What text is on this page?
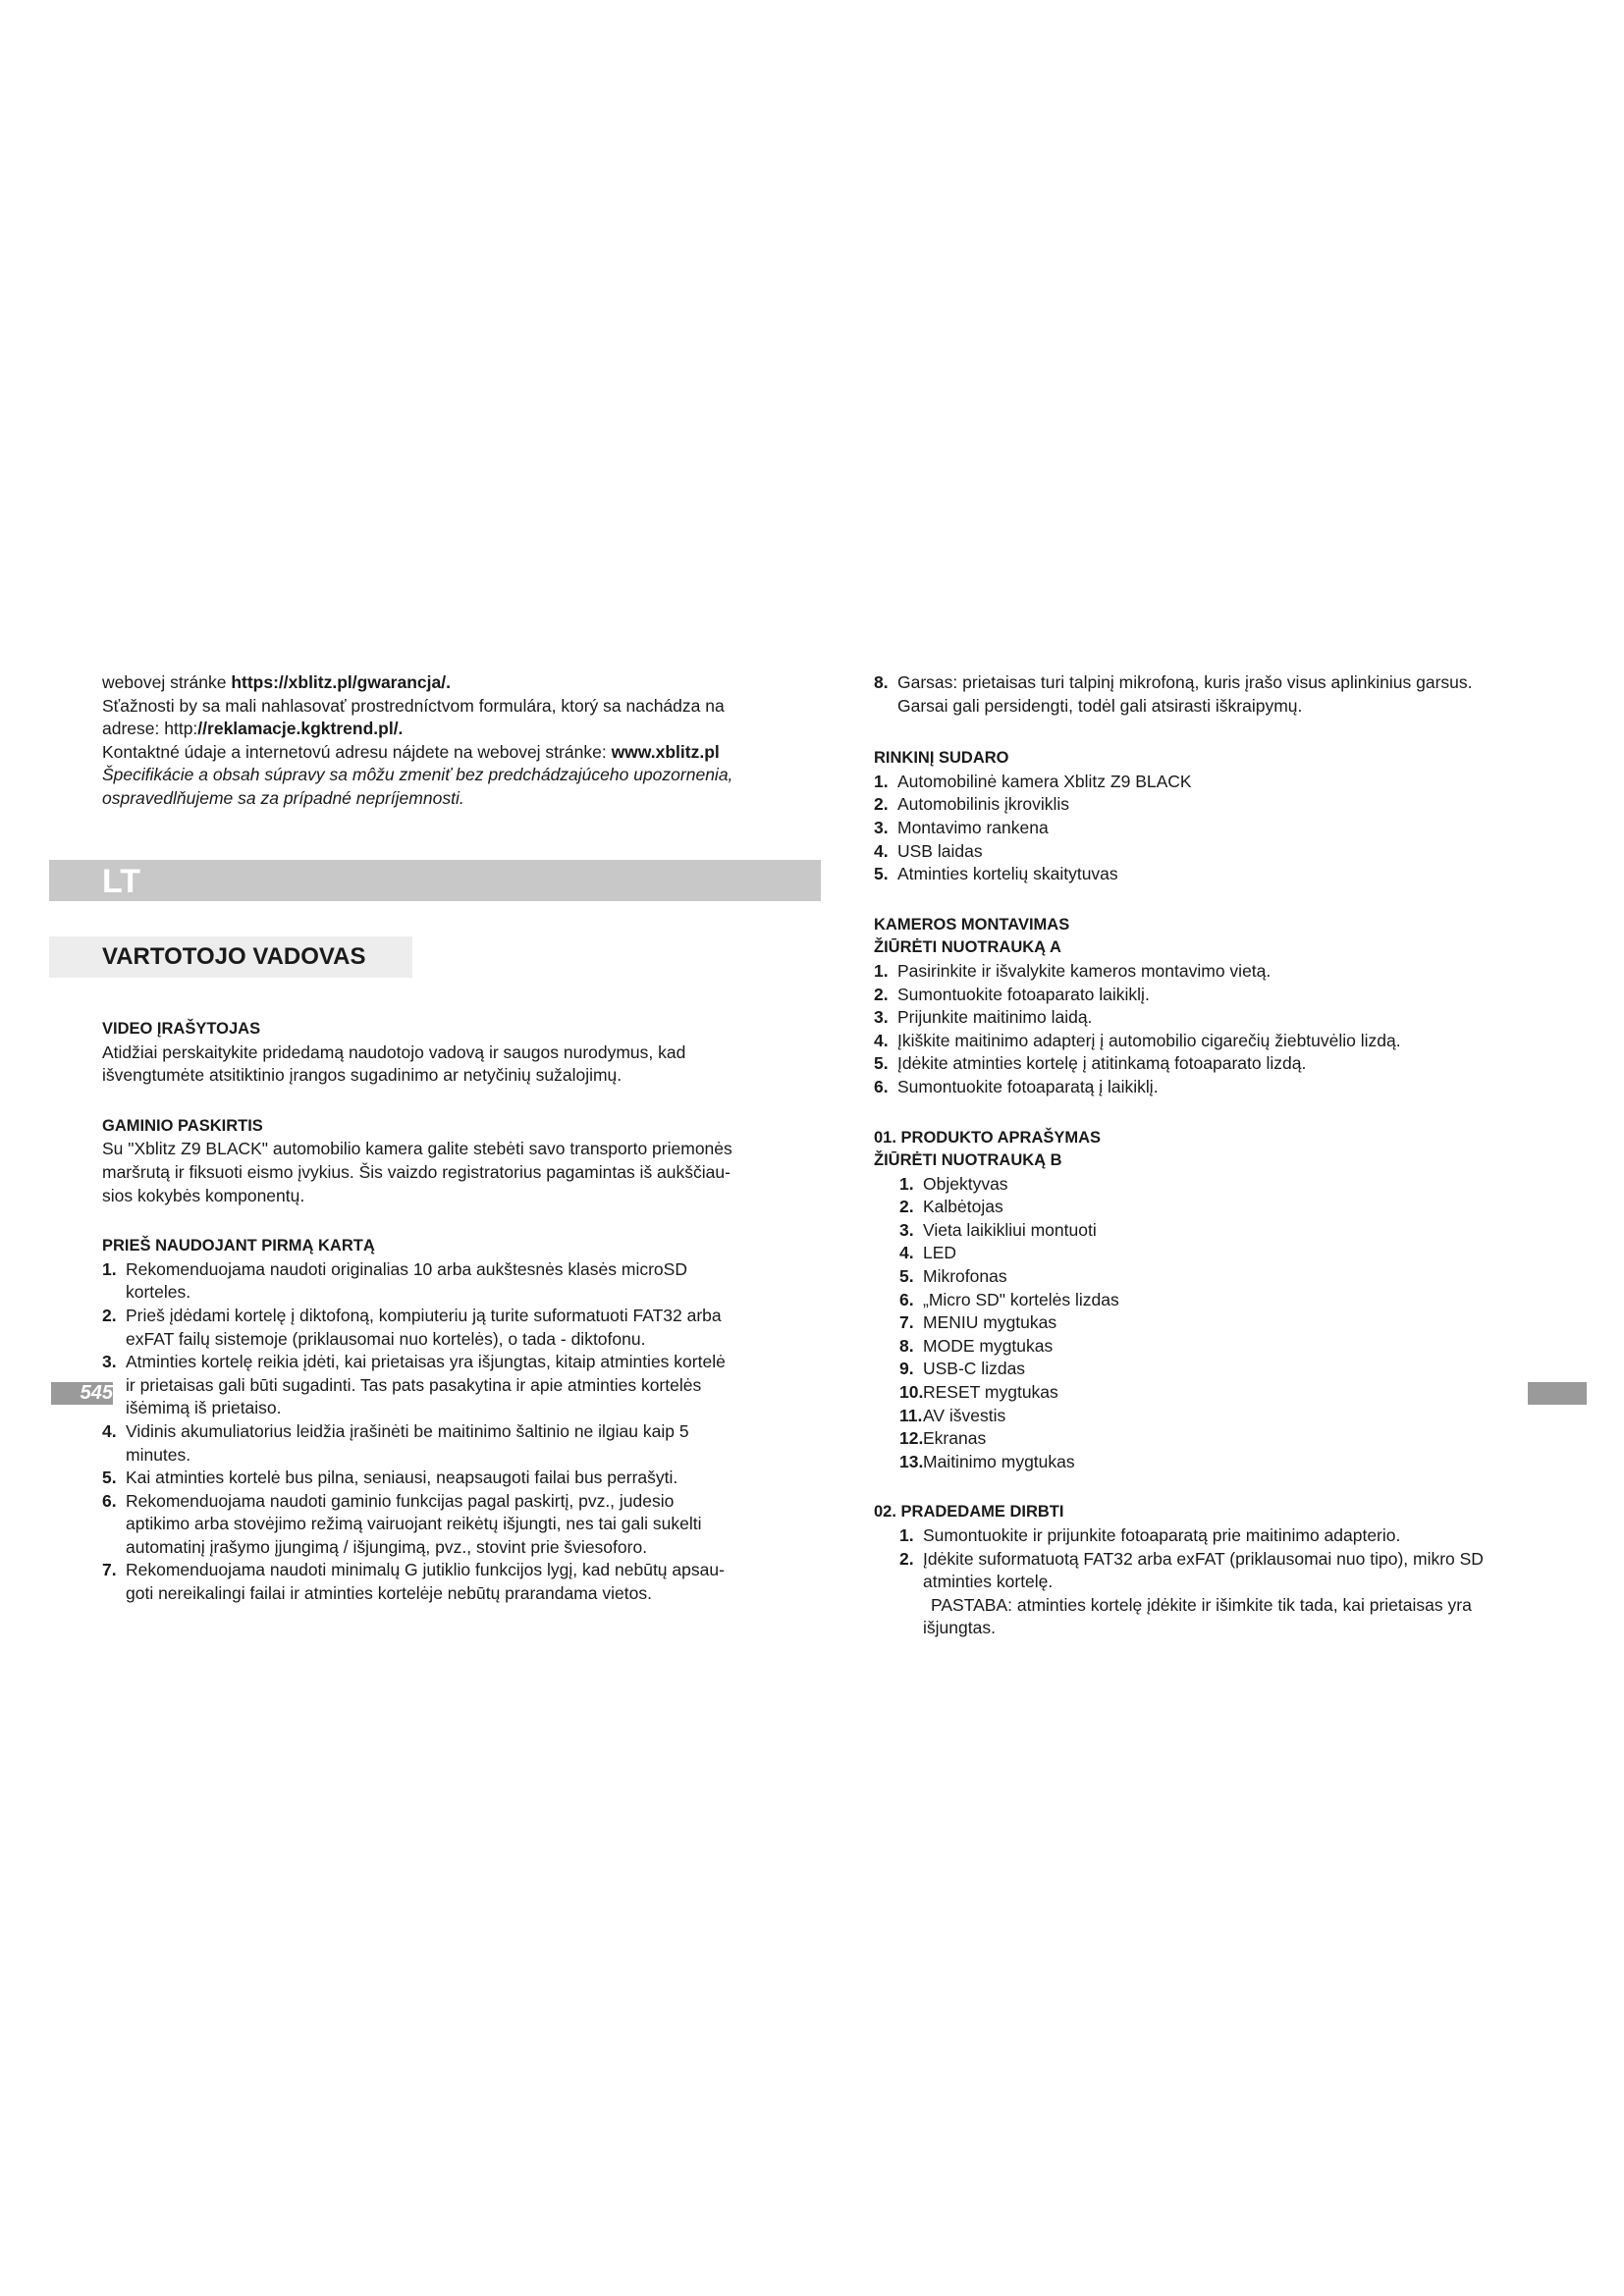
webovej stránke https://xblitz.pl/gwarancja/.

Sťažnosti by sa mali nahlasovať prostredníctvom formulára, ktorý sa nachádza na

adrese: http://reklamacje.kgktrend.pl/.

Kontaktné údaje a internetovú adresu nájdete na webovej stránke: www.xblitz.pl

Špecifikácie a obsah súpravy sa môžu zmeniť bez predchádzajúceho upozornenia,

ospravedlňujeme sa za prípadné nepríjemnosti.

LT
VARTOTOJO VADOVAS

VIDEO ĮRAŠYTOJAS

Atidžiai perskaitykite pridedamą naudotojo vadovą ir saugos nurodymus, kad

išvengtumėte atsitiktinio įrangos sugadinimo ar netyčinių sužalojimų.

GAMINIO PASKIRTIS

Su "Xblitz Z9 BLACK" automobilio kamera galite stebėti savo transporto priemonės

maršrutą ir fiksuoti eismo įvykius. Šis vaizdo registratorius pagamintas iš aukščiau-

sios kokybės komponentų.

PRIEŠ NAUDOJANT PIRMĄ KARTĄ

1. Rekomenduojama naudoti originalias 10 arba aukštesnės klasės microSD
korteles.
2. Prieš įdėdami kortelę į diktofoną, kompiuteriu ją turite suformatuoti FAT32 arba
exFAT failų sistemoje (priklausomai nuo kortelės), o tada - diktofonu.
3. Atminties kortelę reikia įdėti, kai prietaisas yra išjungtas, kitaip atminties kortelė
ir prietaisas gali būti sugadinti. Tas pats pasakytina ir apie atminties kortelės
išėmimą iš prietaiso.
4. Vidinis akumuliatorius leidžia įrašinėti be maitinimo šaltinio ne ilgiau kaip 5
minutes.
5. Kai atminties kortelė bus pilna, seniausi, neapsaugoti failai bus perrašyti.
6. Rekomenduojama naudoti gaminio funkcijas pagal paskirtį, pvz., judesio
aptikimo arba stovėjimo režimą vairuojant reikėtų išjungti, nes tai gali sukelti
automatinį įrašymo įjungimą / išjungimą, pvz., stovint prie šviesoforo.
7. Rekomenduojama naudoti minimalų G jutiklio funkcijos lygį, kad nebūtų apsau-
goti nereikalingi failai ir atminties kortelėje nebūtų prarandama vietos.
545
8. Garsas: prietaisas turi talpinį mikrofoną, kuris įrašo visus aplinkinius garsus.
Garsai gali persidengti, todėl gali atsirasti iškraipymų.

RINKINĮ SUDARO

1. Automobilinė kamera Xblitz Z9 BLACK
2. Automobilinis įkroviklis
3. Montavimo rankena
4. USB laidas
5. Atminties kortelių skaitytuvas

KAMEROS MONTAVIMAS

ŽIŪRĖTI NUOTRAUKĄ A

1. Pasirinkite ir išvalykite kameros montavimo vietą.
2. Sumontuokite fotoaparato laikiklį.
3. Prijunkite maitinimo laidą.
4. Įkiškite maitinimo adapterį į automobilio cigarečių žiebtuvėlio lizdą.
5. Įdėkite atminties kortelę į atitinkamą fotoaparato lizdą.
6. Sumontuokite fotoaparatą į laikiklį.

01. PRODUKTO APRAŠYMAS

ŽIŪRĖTI NUOTRAUKĄ B

1. Objektyvas
2. Kalbėtojas
3. Vieta laikikliui montuoti
4. LED
5. Mikrofonas
6. „Micro SD" kortelės lizdas
7. MENIU mygtukas
8. MODE mygtukas
9. USB-C lizdas
10.RESET mygtukas
11.AV išvestis
12.Ekranas
13.Maitinimo mygtukas

02. PRADEDAME DIRBTI

1. Sumontuokite ir prijunkite fotoaparatą prie maitinimo adapterio.
2. Įdėkite suformatuotą FAT32 arba exFAT (priklausomai nuo tipo), mikro SD
atminties kortelę.

PASTABA: atminties kortelę įdėkite ir išimkite tik tada, kai prietaisas yra

išjungtas.
